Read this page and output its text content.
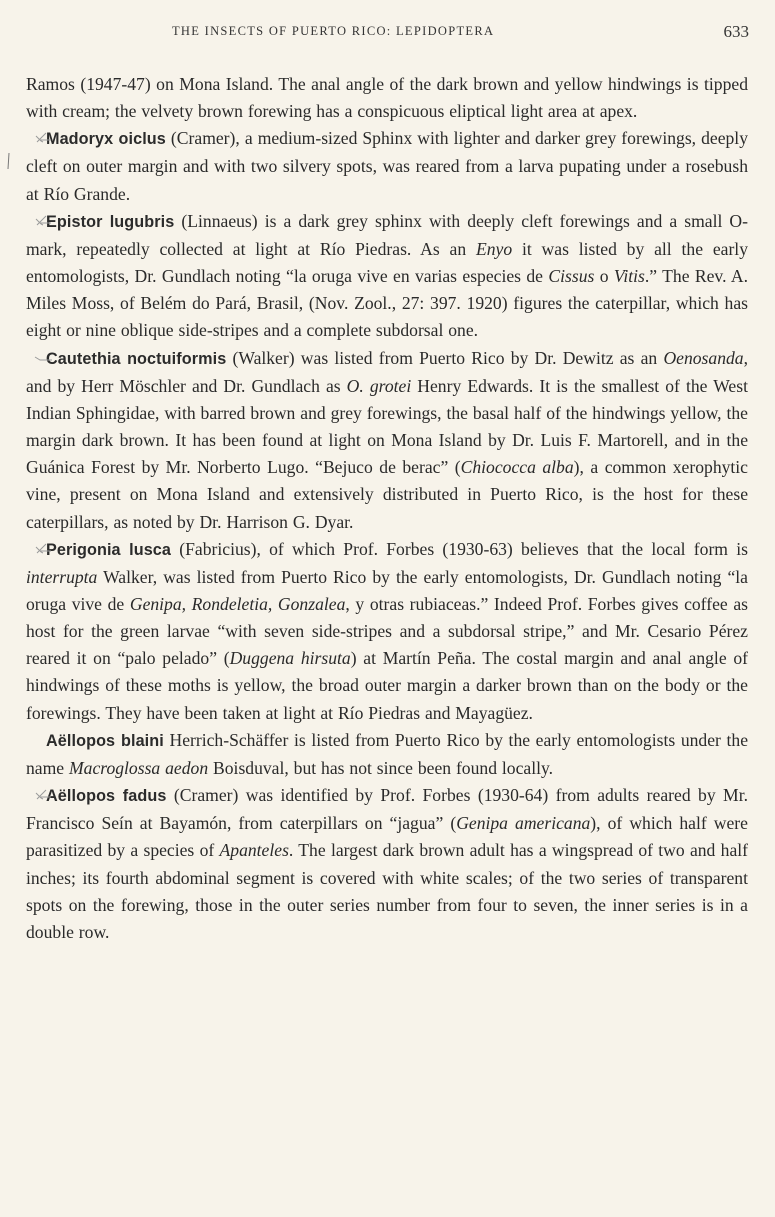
THE INSECTS OF PUERTO RICO: LEPIDOPTERA	633

Ramos (1947-47) on Mona Island. The anal angle of the dark brown and yellow hindwings is tipped with cream; the velvety brown forewing has a conspicuous eliptical light area at apex.

Madoryx oiclus (Cramer), a medium-sized Sphinx with lighter and darker grey forewings, deeply cleft on outer margin and with two silvery spots, was reared from a larva pupating under a rosebush at Río Grande.

Epistor lugubris (Linnaeus) is a dark grey sphinx with deeply cleft forewings and a small O-mark, repeatedly collected at light at Río Piedras. As an Enyo it was listed by all the early entomologists, Dr. Gundlach noting “la oruga vive en varias especies de Cissus o Vitis.” The Rev. A. Miles Moss, of Belém do Pará, Brasil, (Nov. Zool., 27: 397. 1920) figures the caterpillar, which has eight or nine oblique side-stripes and a complete subdorsal one.

Cautethia noctuiformis (Walker) was listed from Puerto Rico by Dr. Dewitz as an Oenosanda, and by Herr Möschler and Dr. Gundlach as O. grotei Henry Edwards. It is the smallest of the West Indian Sphingidae, with barred brown and grey forewings, the basal half of the hindwings yellow, the margin dark brown. It has been found at light on Mona Island by Dr. Luis F. Martorell, and in the Guánica Forest by Mr. Norberto Lugo. “Bejuco de berac” (Chiococca alba), a common xerophytic vine, present on Mona Island and extensively distributed in Puerto Rico, is the host for these caterpillars, as noted by Dr. Harrison G. Dyar.

Perigonia lusca (Fabricius), of which Prof. Forbes (1930-63) believes that the local form is interrupta Walker, was listed from Puerto Rico by the early entomologists, Dr. Gundlach noting “la oruga vive de Genipa, Rondeletia, Gonzalea, y otras rubiaceas.” Indeed Prof. Forbes gives coffee as host for the green larvae “with seven side-stripes and a subdorsal stripe,” and Mr. Cesario Pérez reared it on “palo pelado” (Duggena hirsuta) at Martín Peña. The costal margin and anal angle of hindwings of these moths is yellow, the broad outer margin a darker brown than on the body or the forewings. They have been taken at light at Río Piedras and Mayagüez.

Aëllopos blaini Herrich-Schäffer is listed from Puerto Rico by the early entomologists under the name Macroglossa aedon Boisduval, but has not since been found locally.

Aëllopos fadus (Cramer) was identified by Prof. Forbes (1930-64) from adults reared by Mr. Francisco Seín at Bayamón, from caterpillars on “jagua” (Genipa americana), of which half were parasitized by a species of Apanteles. The largest dark brown adult has a wingspread of two and half inches; its fourth abdominal segment is covered with white scales; of the two series of transparent spots on the forewing, those in the outer series number from four to seven, the inner series is in a double row.
